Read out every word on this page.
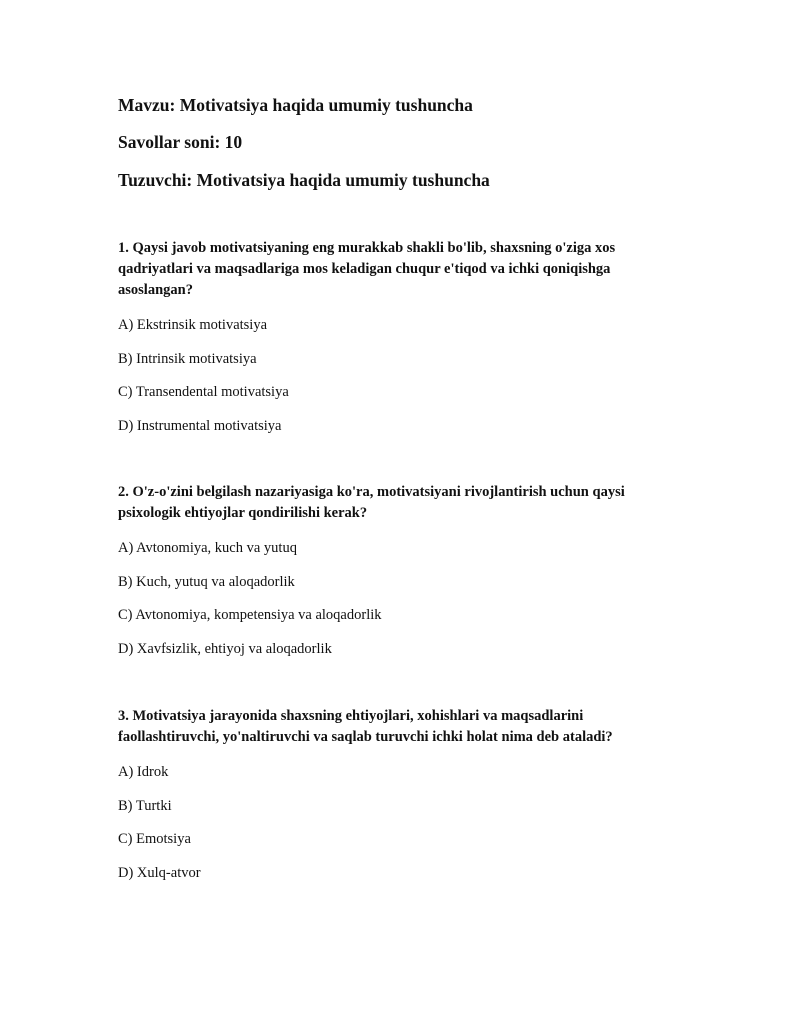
Mavzu: Motivatsiya haqida umumiy tushuncha
Savollar soni: 10
Tuzuvchi: Motivatsiya haqida umumiy tushuncha

1. Qaysi javob motivatsiyaning eng murakkab shakli bo'lib, shaxsning o'ziga xos qadriyatlari va maqsadlariga mos keladigan chuqur e'tiqod va ichki qoniqishga asoslangan?

A) Ekstrinsik motivatsiya
B) Intrinsik motivatsiya
C) Transendental motivatsiya
D) Instrumental motivatsiya

2. O'z-o'zini belgilash nazariyasiga ko'ra, motivatsiyani rivojlantirish uchun qaysi psixologik ehtiyojlar qondirilishi kerak?

A) Avtonomiya, kuch va yutuq
B) Kuch, yutuq va aloqadorlik
C) Avtonomiya, kompetensiya va aloqadorlik
D) Xavfsizlik, ehtiyoj va aloqadorlik

3. Motivatsiya jarayonida shaxsning ehtiyojlari, xohishlari va maqsadlarini faollashtiruvchi, yo'naltiruvchi va saqlab turuvchi ichki holat nima deb ataladi?

A) Idrok
B) Turtki
C) Emotsiya
D) Xulq-atvor
